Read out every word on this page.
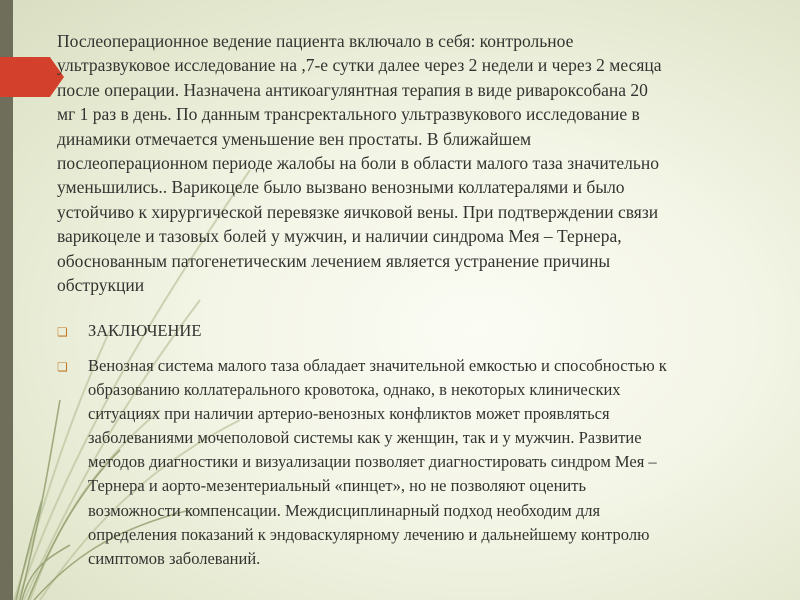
Послеоперационное ведение пациента включало в себя: контрольное
ультразвуковое исследование на ,7-е сутки далее через 2 недели и через 2 месяца
после операции. Назначена антикоагулянтная терапия в виде ривароксобана 20
мг 1 раз в день. По данным трансректального ультразвукового исследование в
динамики отмечается уменьшение вен простаты. В ближайшем
послеоперационном периоде жалобы на боли в области малого таза значительно
уменьшились.. Варикоцеле было вызвано венозными коллатералями и было
устойчиво к хирургической перевязке яичковой вены. При подтверждении связи
варикоцеле и тазовых болей у мужчин, и наличии синдрома Мея – Тернера,
обоснованным патогенетическим лечением является устранение причины
обструкции

❏	ЗАКЛЮЧЕНИЕ
❏	Венозная система малого таза обладает значительной емкостью и способностью к
образованию коллатерального кровотока, однако, в некоторых клинических
ситуациях при наличии артерио-венозных конфликтов может проявляться
заболеваниями мочеполовой системы как у женщин, так и у мужчин. Развитие
методов диагностики и визуализации позволяет диагностировать синдром Мея –
Тернера и аорто-мезентериальный «пинцет», но не позволяют оценить
возможности компенсации. Междисциплинарный подход необходим для
определения показаний к эндоваскулярному лечению и дальнейшему контролю
симптомов заболеваний.
